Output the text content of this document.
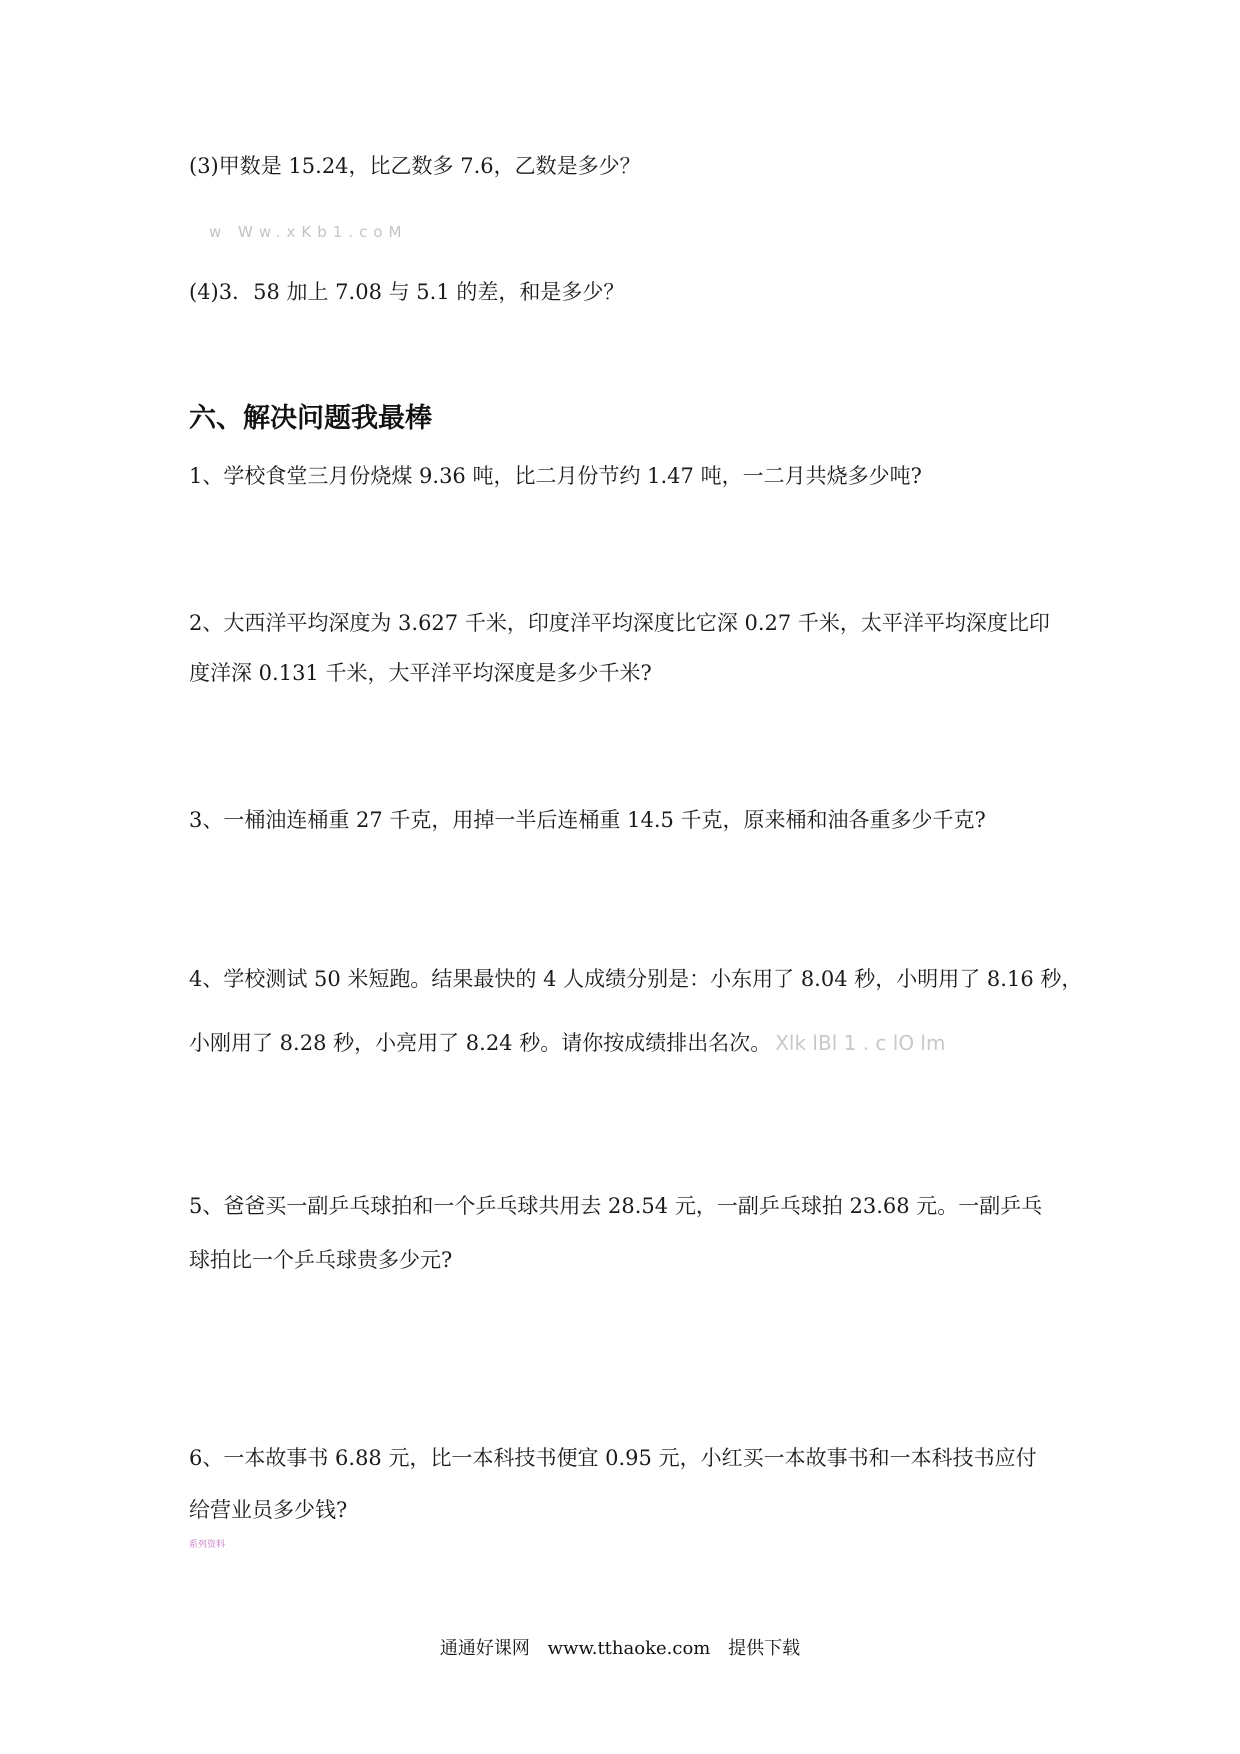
(3)甲数是 15.24，比乙数多 7.6，乙数是多少？
w Ww.xKb1.coM
(4)3．58 加上 7.08 与 5.1 的差，和是多少？
六、解决问题我最棒
1、学校食堂三月份烧煤 9.36 吨，比二月份节约 1.47 吨，一二月共烧多少吨?
2、大西洋平均深度为 3.627 千米，印度洋平均深度比它深 0.27 千米，太平洋平均深度比印
度洋深 0.131 千米，大平洋平均深度是多少千米?
3、一桶油连桶重 27 千克，用掉一半后连桶重 14.5 千克，原来桶和油各重多少千克?
4、学校测试 50 米短跑。结果最快的 4 人成绩分别是：小东用了 8.04 秒，小明用了 8.16 秒，
小刚用了 8.28 秒，小亮用了 8.24 秒。请你按成绩排出名次。 Xlk lBl 1 . c lO lm
5、爸爸买一副乒乓球拍和一个乒乓球共用去 28.54 元，一副乒乓球拍 23.68 元。一副乒乓
球拍比一个乒乓球贵多少元?
6、一本故事书 6.88 元，比一本科技书便宜 0.95 元，小红买一本故事书和一本科技书应付
给营业员多少钱?
系列资料
通通好课网 www.tthaoke.com 提供下载
